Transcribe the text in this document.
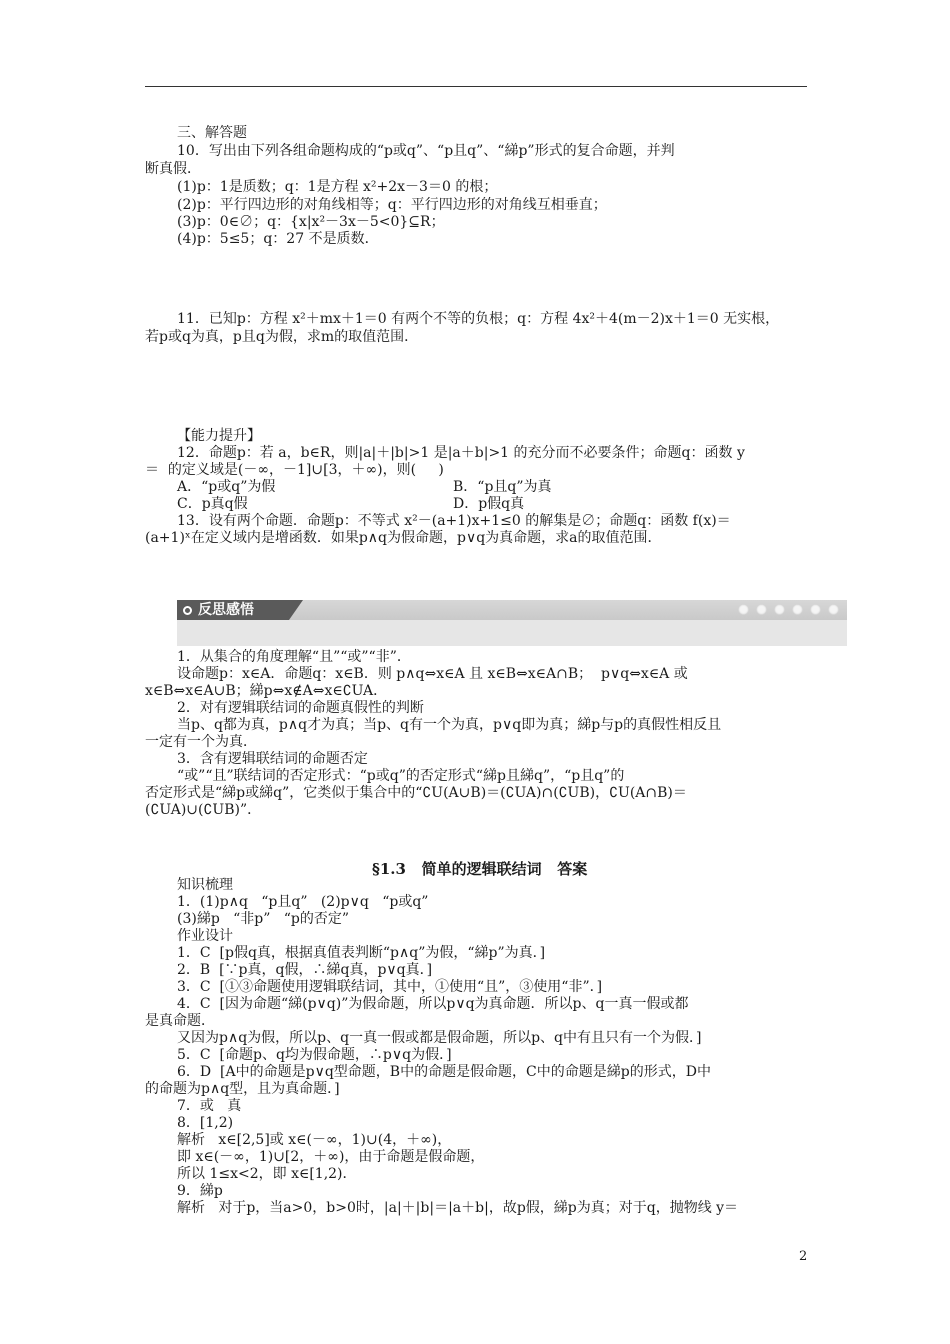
三、解答题
10．写出由下列各组命题构成的“p或q”、“p且q”、“綈p”形式的复合命题，并判
断真假．
(1)p：1是质数；q：1是方程 x²+2x－3＝0 的根；
(2)p：平行四边形的对角线相等；q：平行四边形的对角线互相垂直；
(3)p：0∈∅；q：{x|x²－3x－5<0}⊆R；
(4)p：5≤5；q：27 不是质数．
11．已知p：方程 x²＋mx＋1＝0 有两个不等的负根；q：方程 4x²＋4(m－2)x＋1＝0 无实根，
若p或q为真，p且q为假，求m的取值范围．
【能力提升】
12．命题p：若 a，b∈R，则|a|＋|b|>1 是|a＋b|>1 的充分而不必要条件；命题q：函数 y
＝  的定义域是(－∞，－1]∪[3，＋∞)，则(     )
A．“p或q”为假	B．“p且q”为真
C．p真q假	D．p假q真
13．设有两个命题．命题p：不等式 x²－(a+1)x+1≤0 的解集是∅；命题q：函数 f(x)＝
(a+1)ˣ在定义域内是增函数．如果p∧q为假命题，p∨q为真命题，求a的取值范围．
反思感悟
1．从集合的角度理解“且”“或”“非”．
设命题p：x∈A．命题q：x∈B．则 p∧q⇔x∈A 且 x∈B⇔x∈A∩B；  p∨q⇔x∈A 或
x∈B⇔x∈A∪B；綈p⇔x∉A⇔x∈∁UA．
2．对有逻辑联结词的命题真假性的判断
当p、q都为真，p∧q才为真；当p、q有一个为真，p∨q即为真；綈p与p的真假性相反且
一定有一个为真．
3．含有逻辑联结词的命题否定
“或”“且”联结词的否定形式：“p或q”的否定形式“綈p且綈q”，“p且q”的
否定形式是“綈p或綈q”，它类似于集合中的“∁U(A∪B)＝(∁UA)∩(∁UB)，∁U(A∩B)＝
(∁UA)∪(∁UB)”．
§1.3   简单的逻辑联结词   答案
知识梳理
1．(1)p∧q   “p且q”   (2)p∨q   “p或q”
(3)綈p   “非p”   “p的否定”
作业设计
1．C  [p假q真，根据真值表判断“p∧q”为假，“綈p”为真．]
2．B  [∵p真，q假，∴綈q真，p∨q真．]
3．C  [①③命题使用逻辑联结词，其中，①使用“且”，③使用“非”．]
4．C  [因为命题“綈(p∨q)”为假命题，所以p∨q为真命题．所以p、q一真一假或都
是真命题．
又因为p∧q为假，所以p、q一真一假或都是假命题，所以p、q中有且只有一个为假．]
5．C  [命题p、q均为假命题，∴p∨q为假．]
6．D  [A中的命题是p∨q型命题，B中的命题是假命题，C中的命题是綈p的形式，D中
的命题为p∧q型，且为真命题．]
7．或   真
8．[1,2)
解析   x∈[2,5]或 x∈(－∞，1)∪(4，＋∞)，
即 x∈(－∞，1)∪[2，＋∞)，由于命题是假命题，
所以 1≤x<2，即 x∈[1,2)．
9．綈p
解析   对于p，当a>0，b>0时，|a|＋|b|＝|a＋b|，故p假，綈p为真；对于q，抛物线 y＝
2
